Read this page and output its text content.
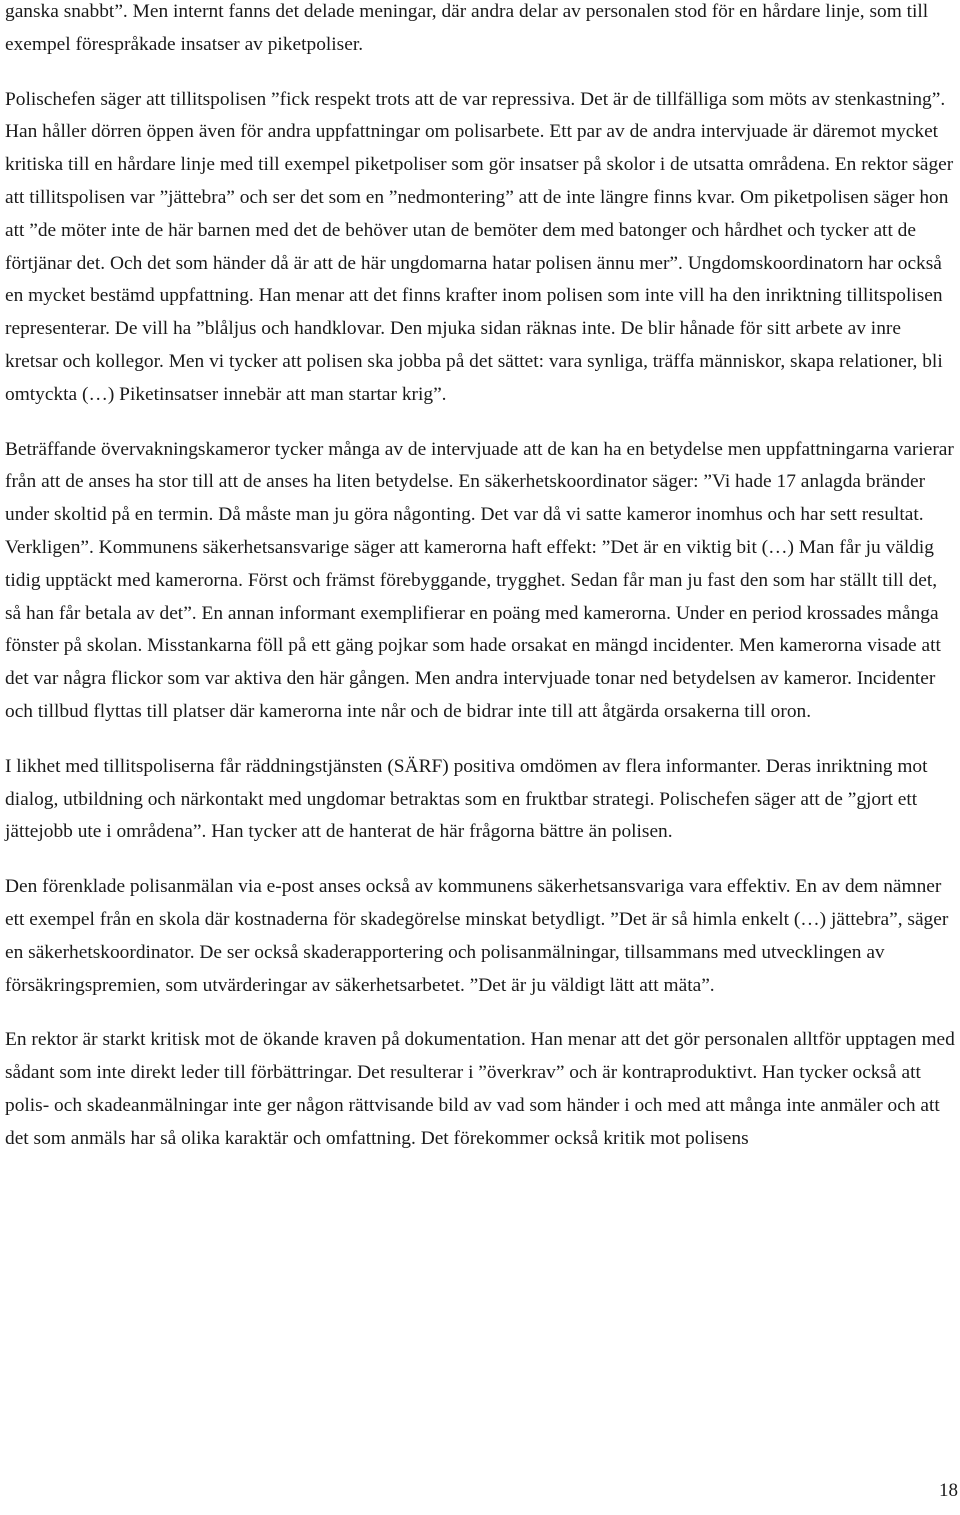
ganska snabbt”. Men internt fanns det delade meningar, där andra delar av personalen stod för en hårdare linje, som till exempel förespråkade insatser av piketpoliser.

Polischefen säger att tillitspolisen ”fick respekt trots att de var repressiva. Det är de tillfälliga som möts av stenkastning”. Han håller dörren öppen även för andra uppfattningar om polisarbete. Ett par av de andra intervjuade är däremot mycket kritiska till en hårdare linje med till exempel piketpoliser som gör insatser på skolor i de utsatta områdena. En rektor säger att tillitspolisen var ”jättebra” och ser det som en ”nedmontering” att de inte längre finns kvar. Om piketpolisen säger hon att ”de möter inte de här barnen med det de behöver utan de bemöter dem med batonger och hårdhet och tycker att de förtjänar det. Och det som händer då är att de här ungdomarna hatar polisen ännu mer”. Ungdomskoordinatorn har också en mycket bestämd uppfattning. Han menar att det finns krafter inom polisen som inte vill ha den inriktning tillitspolisen representerar. De vill ha ”blåljus och handklovar. Den mjuka sidan räknas inte. De blir hånade för sitt arbete av inre kretsar och kollegor. Men vi tycker att polisen ska jobba på det sättet: vara synliga, träffa människor, skapa relationer, bli omtyckta (…) Piketinsatser innebär att man startar krig”.

Beträffande övervakningskameror tycker många av de intervjuade att de kan ha en betydelse men uppfattningarna varierar från att de anses ha stor till att de anses ha liten betydelse. En säkerhetskoordinator säger: ”Vi hade 17 anlagda bränder under skoltid på en termin. Då måste man ju göra någonting. Det var då vi satte kameror inomhus och har sett resultat. Verkligen”. Kommunens säkerhetsansvarige säger att kamerorna haft effekt: ”Det är en viktig bit (…) Man får ju väldig tidig upptäckt med kamerorna. Först och främst förebyggande, trygghet. Sedan får man ju fast den som har ställt till det, så han får betala av det”. En annan informant exemplifierar en poäng med kamerorna. Under en period krossades många fönster på skolan. Misstankarna föll på ett gäng pojkar som hade orsakat en mängd incidenter. Men kamerorna visade att det var några flickor som var aktiva den här gången. Men andra intervjuade tonar ned betydelsen av kameror. Incidenter och tillbud flyttas till platser där kamerorna inte når och de bidrar inte till att åtgärda orsakerna till oron.

I likhet med tillitspoliserna får räddningstjänsten (SÄRF) positiva omdömen av flera informanter. Deras inriktning mot dialog, utbildning och närkontakt med ungdomar betraktas som en fruktbar strategi. Polischefen säger att de ”gjort ett jättejobb ute i områdena”. Han tycker att de hanterat de här frågorna bättre än polisen.

Den förenklade polisanmälan via e-post anses också av kommunens säkerhetsansvariga vara effektiv. En av dem nämner ett exempel från en skola där kostnaderna för skadegörelse minskat betydligt. ”Det är så himla enkelt (…) jättebra”, säger en säkerhetskoordinator. De ser också skaderapportering och polisanmälningar, tillsammans med utvecklingen av försäkringspremien, som utvärderingar av säkerhetsarbetet. ”Det är ju väldigt lätt att mäta”.

En rektor är starkt kritisk mot de ökande kraven på dokumentation. Han menar att det gör personalen alltför upptagen med sådant som inte direkt leder till förbättringar. Det resulterar i ”överkrav” och är kontraproduktivt. Han tycker också att polis- och skadeanmälningar inte ger någon rättvisande bild av vad som händer i och med att många inte anmäler och att det som anmäls har så olika karaktär och omfattning. Det förekommer också kritik mot polisens

18
